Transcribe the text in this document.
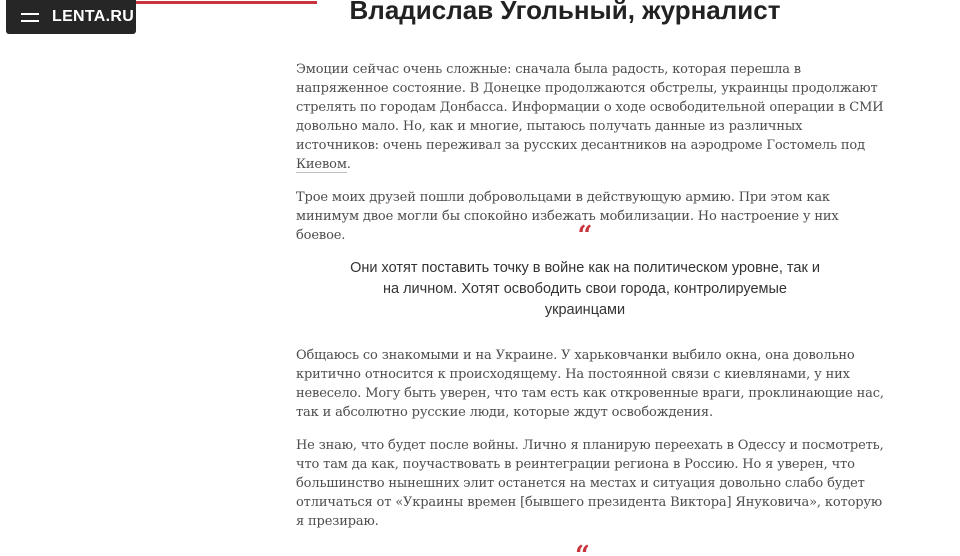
LENTA.RU	Владислав Угольный, журналист

Эмоции сейчас очень сложные: сначала была радость, которая перешла в напряженное состояние. В Донецке продолжаются обстрелы, украинцы продолжают стрелять по городам Донбасса. Информации о ходе освободительной операции в СМИ довольно мало. Но, как и многие, пытаюсь получать данные из различных источников: очень переживал за русских десантников на аэродроме Гостомель под Киевом.

Трое моих друзей пошли добровольцами в действующую армию. При этом как минимум двое могли бы спокойно избежать мобилизации. Но настроение у них боевое.	“
Они хотят поставить точку в войне как на политическом уровне, так и на личном. Хотят освободить свои города, контролируемые украинцами

Общаюсь со знакомыми и на Украине. У харьковчанки выбило окна, она довольно критично относится к происходящему. На постоянной связи с киевлянами, у них невесело. Могу быть уверен, что там есть как откровенные враги, проклинающие нас, так и абсолютно русские люди, которые ждут освобождения.

Не знаю, что будет после войны. Лично я планирую переехать в Одессу и посмотреть, что там да как, поучаствовать в реинтеграции региона в Россию. Но я уверен, что большинство нынешних элит останется на местах и ситуация довольно слабо будет отличаться от «Украины времен [бывшего президента Виктора] Януковича», которую я презираю.

“
